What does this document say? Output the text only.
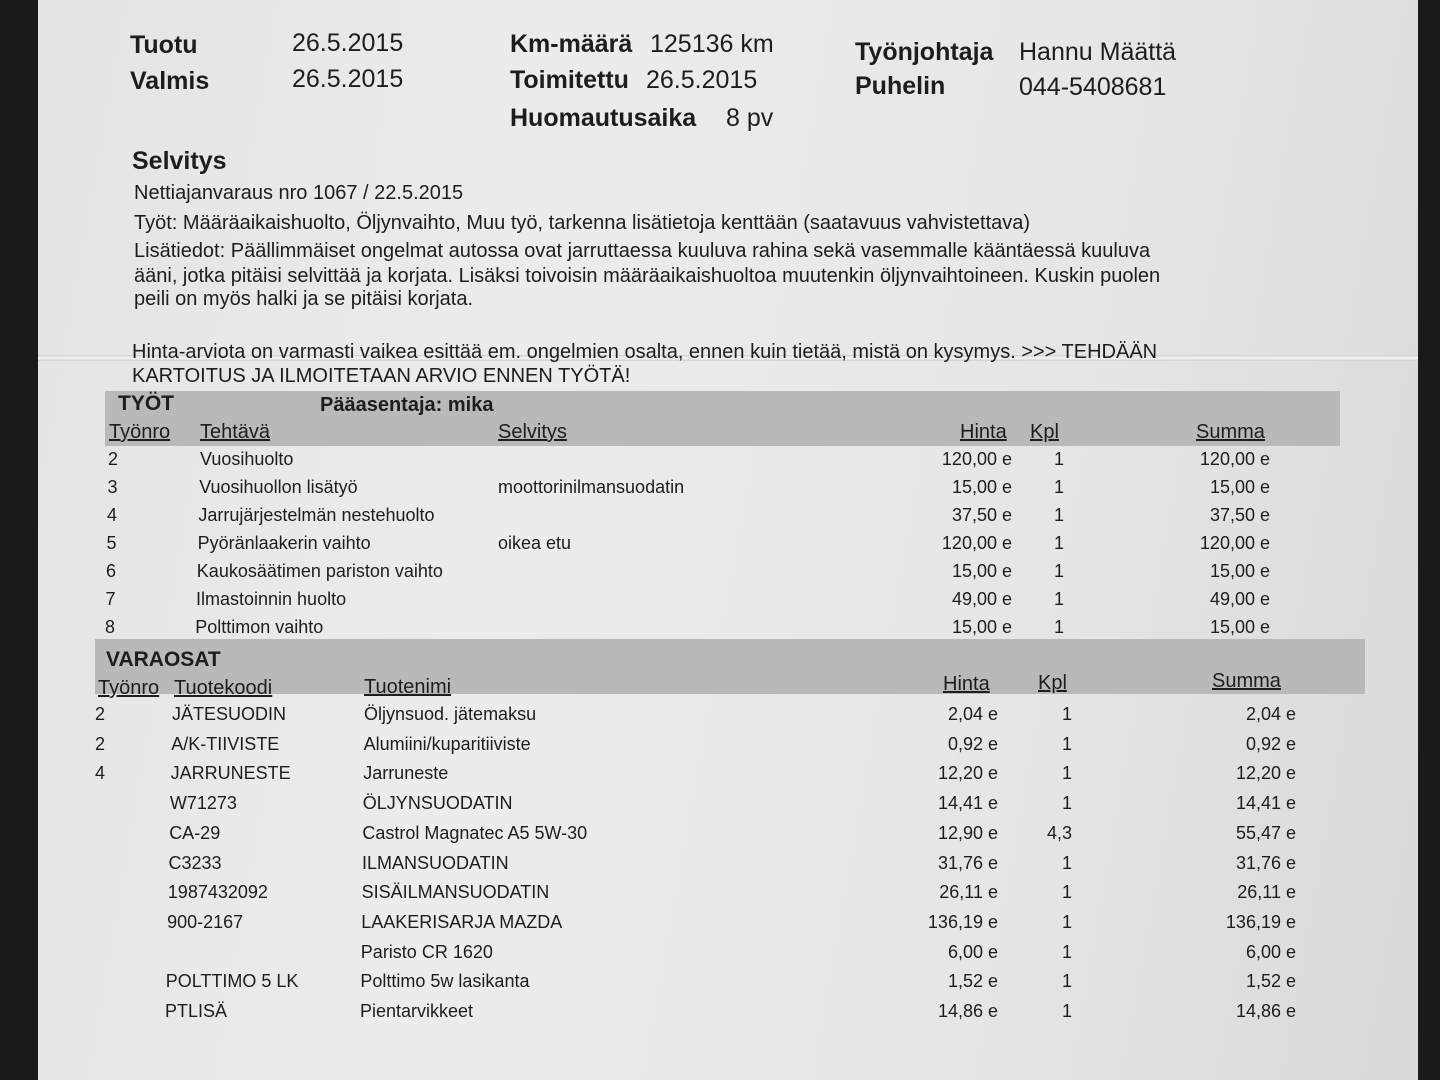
Tuotu	26.5.2015
Valmis	26.5.2015
Km-määrä 125136 km
Toimitettu 26.5.2015
Huomautusaika 8 pv
Työnjohtaja Hannu Määttä
Puhelin	044-5408681
Selvitys
Nettiajanvaraus nro 1067 / 22.5.2015
Työt: Määräaikaishuolto, Öljynvaihto, Muu työ, tarkenna lisätietoja kenttään (saatavuus vahvistettava)
Lisätiedot: Päällimmäiset ongelmat autossa ovat jarruttaessa kuuluva rahina sekä vasemmalle kääntäessä kuuluva
ääni, jotka pitäisi selvittää ja korjata. Lisäksi toivoisin määräaikaishuoltoa muutenkin öljynvaihtoineen. Kuskin puolen
peili on myös halki ja se pitäisi korjata.
Hinta-arviota on varmasti vaikea esittää em. ongelmien osalta, ennen kuin tietää, mistä on kysymys. >>> TEHDÄÄN
KARTOITUS JA ILMOITETAAN ARVIO ENNEN TYÖTÄ!
TYÖT	Pääasentaja: mika
Työnro Tehtävä	Selvitys	Hinta Kpl	Summa
2	Vuosihuolto	120,00 e	1	120,00 e
3	Vuosihuollon lisätyö	moottorinilmansuodatin	15,00 e	1	15,00 e
4	Jarrujärjestelmän nestehuolto	37,50 e	1	37,50 e
5	Pyöränlaakerin vaihto	oikea etu	120,00 e	1	120,00 e
6	Kaukosäätimen pariston vaihto	15,00 e	1	15,00 e
7	Ilmastoinnin huolto	49,00 e	1	49,00 e
8	Polttimon vaihto	15,00 e	1	15,00 e
VARAOSAT
Työnro Tuotekoodi	Tuotenimi	Hinta Kpl	Summa
2	JÄTESUODIN	Öljynsuod. jätemaksu	2,04 e	1	2,04 e
2	A/K-TIIVISTE	Alumiini/kuparitiiviste	0,92 e	1	0,92 e
4	JARRUNESTE	Jarruneste	12,20 e	1	12,20 e
W71273	ÖLJYNSUODATIN	14,41 e	1	14,41 e
CA-29	Castrol Magnatec A5 5W-30	12,90 e	4,3	55,47 e
C3233	ILMANSUODATIN	31,76 e	1	31,76 e
1987432092	SISÄILMANSUODATIN	26,11 e	1	26,11 e
900-2167	LAAKERISARJA MAZDA	136,19 e	1	136,19 e
Paristo CR 1620	6,00 e	1	6,00 e
POLTTIMO 5 LK	Polttimo 5w lasikanta	1,52 e	1	1,52 e
PTLISÄ	Pientarvikkeet	14,86 e	1	14,86 e
